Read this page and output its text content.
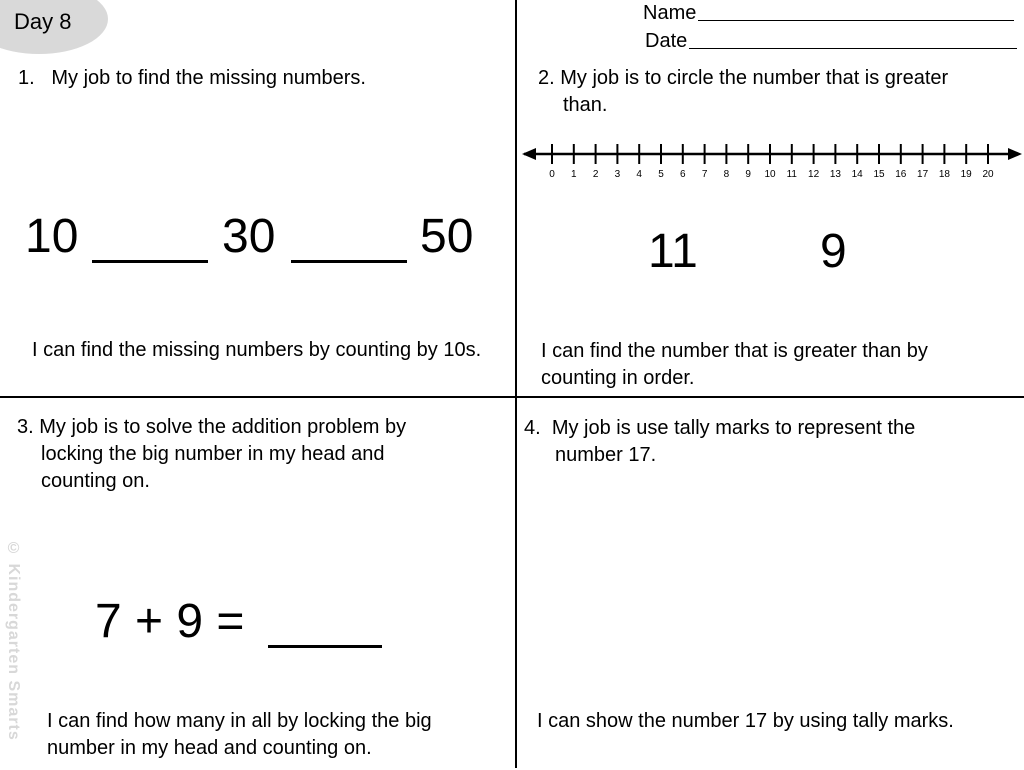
Day 8	Name
Date
1. My job to find the missing numbers.
10	30	50
I can find the missing numbers by counting by 10s.
2. My job is to circle the number that is greater
than.
0 1 2 3 4 5 6 7 8 9 10 11 12 13 14 15 16 17 18 19 20
11	9
I can find the number that is greater than by
counting in order.
3. My job is to solve the addition problem by
locking the big number in my head and
counting on.
7 + 9 =
I can find how many in all by locking the big
number in my head and counting on.
4. My job is use tally marks to represent the
number 17.
I can show the number 17 by using tally marks.
© Kindergarten Smarts
